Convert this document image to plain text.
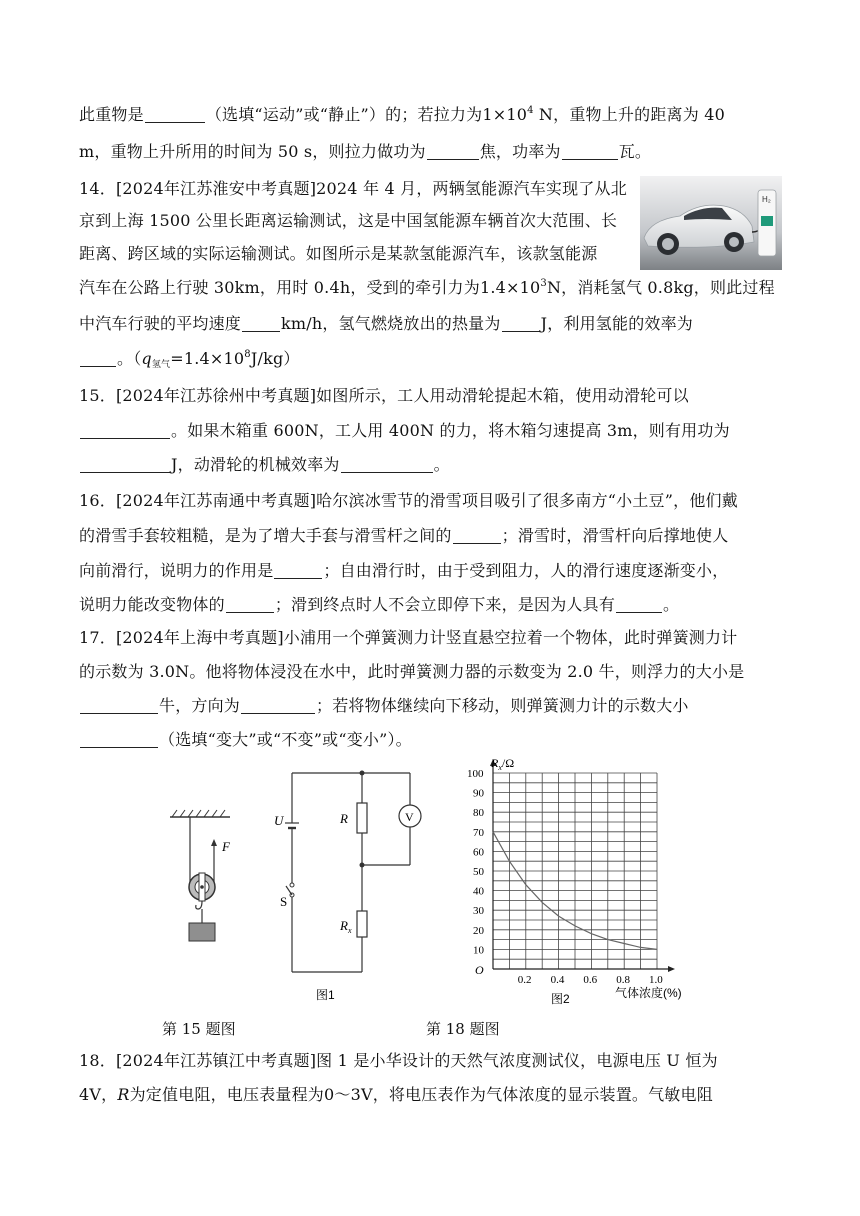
此重物是	（选填“运动”或“静止”）的；若拉力为$1\times 10^4$ N，重物上升的距离为 40
m，重物上升所用的时间为 50 s，则拉力做功为	焦，功率为	瓦。
14．[2024年江苏淮安中考真题]2024 年 4 月，两辆氢能源汽车实现了从北
京到上海 1500 公里长距离运输测试，这是中国氢能源车辆首次大范围、长
距离、跨区域的实际运输测试。如图所示是某款氢能源汽车，该款氢能源
H₂
汽车在公路上行驶 30km，用时 0.4h，受到的牵引力为$1.4\times 10^3N$，消耗氢气 0.8kg，则此过程
中汽车行驶的平均速度	km/h，氢气燃烧放出的热量为	J，利用氢能的效率为
。$(q_{氢气}=1.4\times 10^8J/kg)$
15．[2024年江苏徐州中考真题]如图所示，工人用动滑轮提起木箱，使用动滑轮可以
。如果木箱重 600N，工人用 400N 的力，将木箱匀速提高 3m，则有用功为
J，动滑轮的机械效率为	。
16．[2024年江苏南通中考真题]哈尔滨冰雪节的滑雪项目吸引了很多南方“小土豆”，他们戴
的滑雪手套较粗糙，是为了增大手套与滑雪杆之间的	；滑雪时，滑雪杆向后撑地使人
向前滑行，说明力的作用是	；自由滑行时，由于受到阻力，人的滑行速度逐渐变小，
说明力能改变物体的	；滑到终点时人不会立即停下来，是因为人具有	。
17．[2024年上海中考真题]小浦用一个弹簧测力计竖直悬空拉着一个物体，此时弹簧测力计
的示数为 3.0N。他将物体浸没在水中，此时弹簧测力器的示数变为 2.0 牛，则浮力的大小是
牛，方向为	；若将物体继续向下移动，则弹簧测力计的示数大小
（选填“变大”或“不变”或“变小”）。
F
U
S
R
$R_x$
V
图1
0.2 0.4 0.6 0.8 1.0
10
20
30
40
50
60
70
80
90
100
$R_x/\Omega$
O
气体浓度(%)
图2
第 15 题图	第 18 题图
18．[2024年江苏镇江中考真题]图 1 是小华设计的天然气浓度测试仪，电源电压 U 恒为
4V，R为定值电阻，电压表量程为0～3V，将电压表作为气体浓度的显示装置。气敏电阻
